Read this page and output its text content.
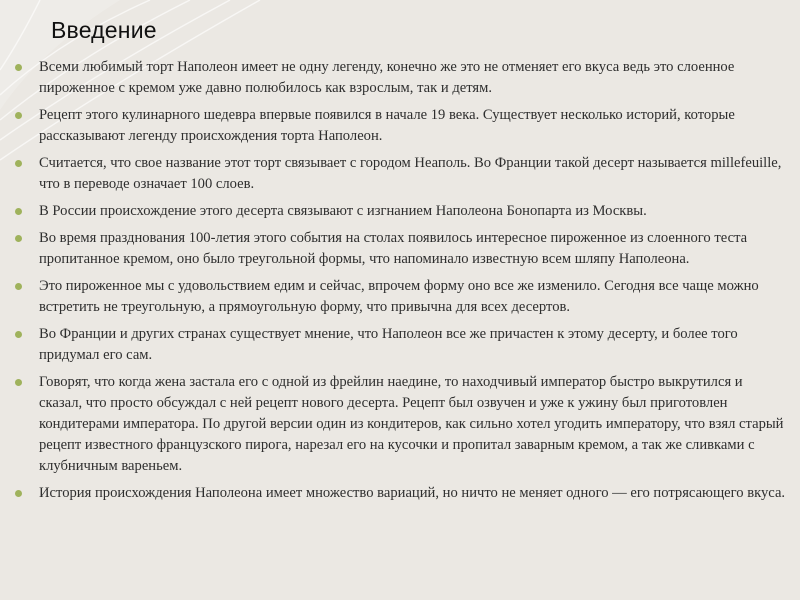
Введение
Всеми любимый торт Наполеон имеет не одну легенду, конечно же это не отменяет его вкуса ведь это слоенное пироженное с кремом уже давно полюбилось как взрослым, так и детям.
Рецепт этого кулинарного шедевра впервые появился в начале 19 века. Существует несколько историй, которые рассказывают легенду происхождения торта Наполеон.
Считается, что свое название этот торт связывает с городом Неаполь. Во Франции такой десерт называется millefeuille, что в переводе означает 100 слоев.
В России происхождение этого десерта связывают с изгнанием Наполеона Бонопарта из Москвы.
Во время празднования 100-летия этого события на столах появилось интересное пироженное из слоенного теста пропитанное кремом, оно было треугольной формы, что напоминало известную всем шляпу Наполеона.
Это пироженное мы с удовольствием едим и сейчас, впрочем форму оно все же изменило. Сегодня все чаще можно встретить не треугольную, а прямоугольную форму, что привычна для всех десертов.
Во Франции и других странах существует мнение, что Наполеон все же причастен к этому десерту, и более того придумал его сам.
Говорят, что когда жена застала его с одной из фрейлин наедине, то находчивый император быстро выкрутился и сказал, что просто обсуждал с ней рецепт нового десерта. Рецепт был озвучен и уже к ужину был приготовлен кондитерами императора. По другой версии один из кондитеров, как сильно хотел угодить императору, что взял старый рецепт известного французского пирога, нарезал его на кусочки и пропитал заварным кремом, а так же сливками с клубничным вареньем.
История происхождения Наполеона имеет множество вариаций, но ничто не меняет одного — его потрясающего вкуса.
